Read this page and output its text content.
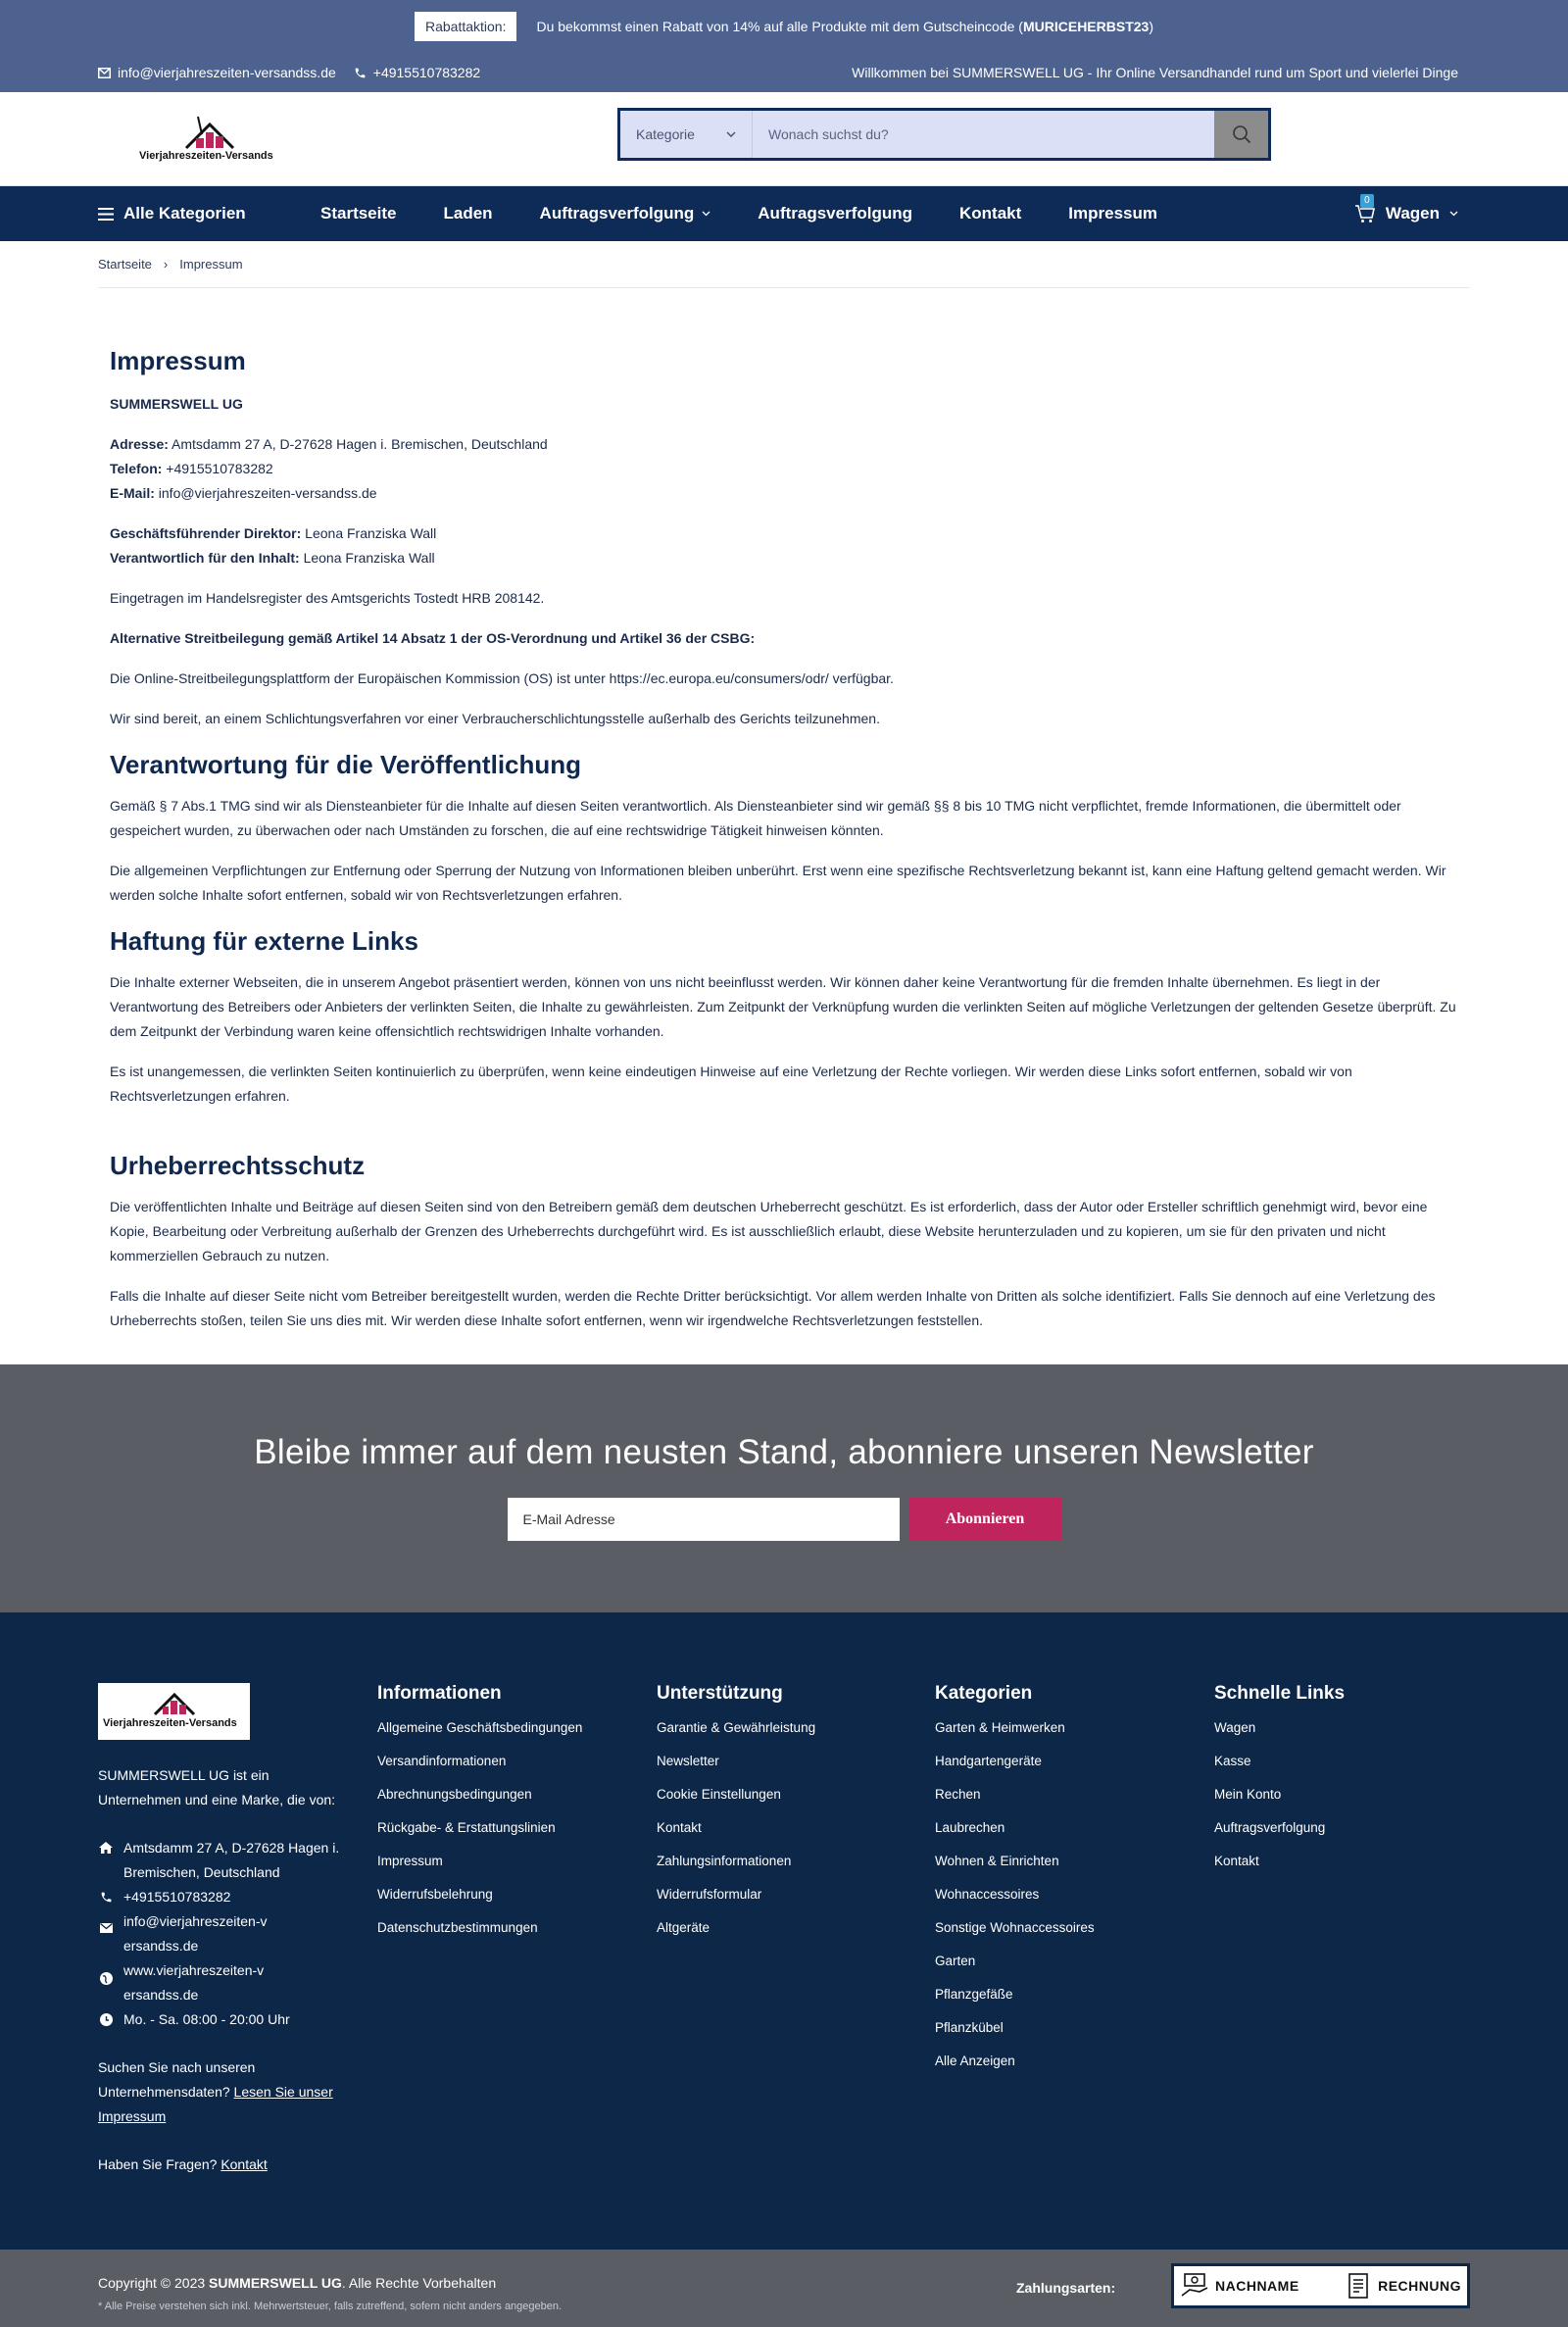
Rabattaktion:	Du bekommst einen Rabatt von 14% auf alle Produkte mit dem Gutscheincode (MURICEHERBST23)
info@vierjahreszeiten-versandss.de	+4915510783282	Willkommen bei SUMMERSWELL UG - Ihr Online Versandhandel rund um Sport und vielerlei Dinge
Vierjahreszeiten-Versands
Kategorie	Wonach suchst du?
Alle Kategorien	Startseite	Laden	Auftragsverfolgung	Auftragsverfolgung	Kontakt	Impressum
0
Wagen
Startseite › Impressum
Impressum

SUMMERSWELL UG

Adresse: Amtsdamm 27 A, D-27628 Hagen i. Bremischen, Deutschland

Telefon: +4915510783282

E-Mail: info@vierjahreszeiten-versandss.de

Geschäftsführender Direktor: Leona Franziska Wall

Verantwortlich für den Inhalt: Leona Franziska Wall

Eingetragen im Handelsregister des Amtsgerichts Tostedt HRB 208142.

Alternative Streitbeilegung gemäß Artikel 14 Absatz 1 der OS-Verordnung und Artikel 36 der CSBG:

Die Online-Streitbeilegungsplattform der Europäischen Kommission (OS) ist unter https://ec.europa.eu/consumers/odr/ verfügbar.

Wir sind bereit, an einem Schlichtungsverfahren vor einer Verbraucherschlichtungsstelle außerhalb des Gerichts teilzunehmen.

Verantwortung für die Veröffentlichung

Gemäß § 7 Abs.1 TMG sind wir als Diensteanbieter für die Inhalte auf diesen Seiten verantwortlich. Als Diensteanbieter sind wir gemäß §§ 8 bis 10 TMG nicht verpflichtet, fremde Informationen, die übermittelt oder gespeichert wurden, zu überwachen oder nach Umständen zu forschen, die auf eine rechtswidrige Tätigkeit hinweisen könnten.

Die allgemeinen Verpflichtungen zur Entfernung oder Sperrung der Nutzung von Informationen bleiben unberührt. Erst wenn eine spezifische Rechtsverletzung bekannt ist, kann eine Haftung geltend gemacht werden. Wir werden solche Inhalte sofort entfernen, sobald wir von Rechtsverletzungen erfahren.

Haftung für externe Links

Die Inhalte externer Webseiten, die in unserem Angebot präsentiert werden, können von uns nicht beeinflusst werden. Wir können daher keine Verantwortung für die fremden Inhalte übernehmen. Es liegt in der Verantwortung des Betreibers oder Anbieters der verlinkten Seiten, die Inhalte zu gewährleisten. Zum Zeitpunkt der Verknüpfung wurden die verlinkten Seiten auf mögliche Verletzungen der geltenden Gesetze überprüft. Zu dem Zeitpunkt der Verbindung waren keine offensichtlich rechtswidrigen Inhalte vorhanden.

Es ist unangemessen, die verlinkten Seiten kontinuierlich zu überprüfen, wenn keine eindeutigen Hinweise auf eine Verletzung der Rechte vorliegen. Wir werden diese Links sofort entfernen, sobald wir von Rechtsverletzungen erfahren.

Urheberrechtsschutz

Die veröffentlichten Inhalte und Beiträge auf diesen Seiten sind von den Betreibern gemäß dem deutschen Urheberrecht geschützt. Es ist erforderlich, dass der Autor oder Ersteller schriftlich genehmigt wird, bevor eine Kopie, Bearbeitung oder Verbreitung außerhalb der Grenzen des Urheberrechts durchgeführt wird. Es ist ausschließlich erlaubt, diese Website herunterzuladen und zu kopieren, um sie für den privaten und nicht kommerziellen Gebrauch zu nutzen.

Falls die Inhalte auf dieser Seite nicht vom Betreiber bereitgestellt wurden, werden die Rechte Dritter berücksichtigt. Vor allem werden Inhalte von Dritten als solche identifiziert. Falls Sie dennoch auf eine Verletzung des Urheberrechts stoßen, teilen Sie uns dies mit. Wir werden diese Inhalte sofort entfernen, wenn wir irgendwelche Rechtsverletzungen feststellen.

Bleibe immer auf dem neusten Stand, abonniere unseren Newsletter
E-Mail Adresse	Abonnieren
Vierjahreszeiten-Versands
SUMMERSWELL UG ist ein Unternehmen und eine Marke, die von:
Amtsdamm 27 A, D-27628 Hagen i. Bremischen, Deutschland
+4915510783282
info@vierjahreszeiten-versandss.de
www.vierjahreszeiten-versandss.de
Mo. - Sa. 08:00 - 20:00 Uhr
Suchen Sie nach unseren Unternehmensdaten? Lesen Sie unser Impressum
Haben Sie Fragen? Kontakt
Informationen
Allgemeine Geschäftsbedingungen
Versandinformationen
Abrechnungsbedingungen
Rückgabe- & Erstattungslinien
Impressum
Widerrufsbelehrung
Datenschutzbestimmungen
Unterstützung
Garantie & Gewährleistung
Newsletter
Cookie Einstellungen
Kontakt
Zahlungsinformationen
Widerrufsformular
Altgeräte
Kategorien
Garten & Heimwerken
Handgartengeräte
Rechen
Laubrechen
Wohnen & Einrichten
Wohnaccessoires
Sonstige Wohnaccessoires
Garten
Pflanzgefäße
Pflanzkübel
Alle Anzeigen
Schnelle Links
Wagen
Kasse
Mein Konto
Auftragsverfolgung
Kontakt
Copyright © 2023 SUMMERSWELL UG. Alle Rechte Vorbehalten
* Alle Preise verstehen sich inkl. Mehrwertsteuer, falls zutreffend, sofern nicht anders angegeben.
Zahlungsarten:	NACHNAME	RECHNUNG
